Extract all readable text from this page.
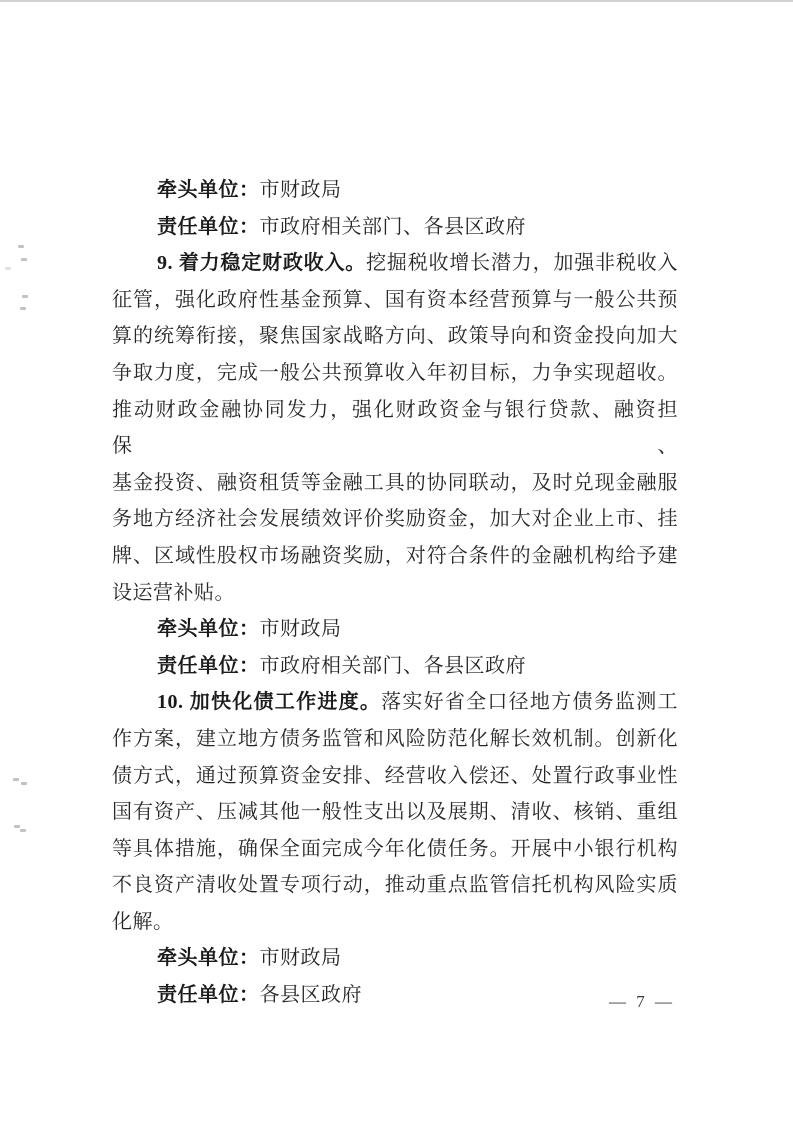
牵头单位：市财政局
责任单位：市政府相关部门、各县区政府
9. 着力稳定财政收入。挖掘税收增长潜力，加强非税收入
征管，强化政府性基金预算、国有资本经营预算与一般公共预
算的统筹衔接，聚焦国家战略方向、政策导向和资金投向加大
争取力度，完成一般公共预算收入年初目标，力争实现超收。
推动财政金融协同发力，强化财政资金与银行贷款、融资担保、
基金投资、融资租赁等金融工具的协同联动，及时兑现金融服
务地方经济社会发展绩效评价奖励资金，加大对企业上市、挂
牌、区域性股权市场融资奖励，对符合条件的金融机构给予建
设运营补贴。
牵头单位：市财政局
责任单位：市政府相关部门、各县区政府
10. 加快化债工作进度。落实好省全口径地方债务监测工
作方案，建立地方债务监管和风险防范化解长效机制。创新化
债方式，通过预算资金安排、经营收入偿还、处置行政事业性
国有资产、压减其他一般性支出以及展期、清收、核销、重组
等具体措施，确保全面完成今年化债任务。开展中小银行机构
不良资产清收处置专项行动，推动重点监管信托机构风险实质
化解。
牵头单位：市财政局
责任单位：各县区政府	— 7 —
